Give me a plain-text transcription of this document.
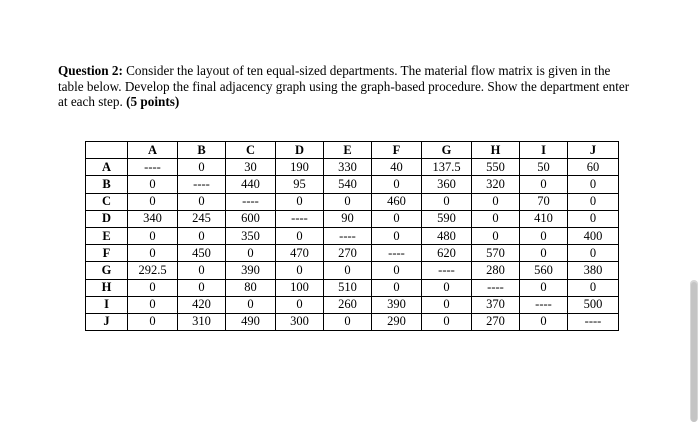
Question 2: Consider the layout of ten equal-sized departments. The material flow matrix is given in the table below. Develop the final adjacency graph using the graph-based procedure. Show the department enter at each step. (5 points)
	A	B	C	D	E	F	G	H	I	J
A	----	0	30	190	330	40	137.5	550	50	60
B	0	----	440	95	540	0	360	320	0	0
C	0	0	----	0	0	460	0	0	70	0
D	340	245	600	----	90	0	590	0	410	0
E	0	0	350	0	----	0	480	0	0	400
F	0	450	0	470	270	----	620	570	0	0
G	292.5	0	390	0	0	0	----	280	560	380
H	0	0	80	100	510	0	0	----	0	0
I	0	420	0	0	260	390	0	370	----	500
J	0	310	490	300	0	290	0	270	0	----
